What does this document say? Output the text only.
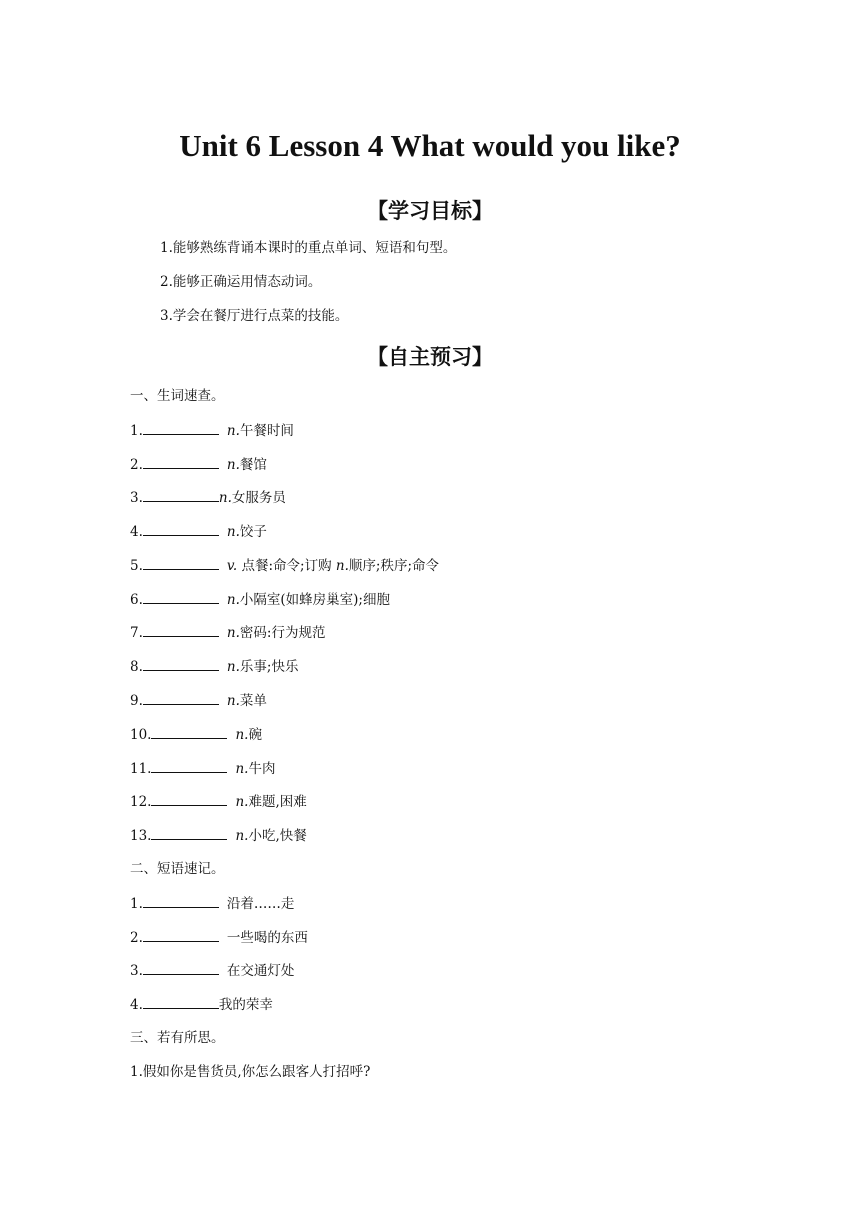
Unit 6 Lesson 4 What would you like?
【学习目标】
1.能够熟练背诵本课时的重点单词、短语和句型。
2.能够正确运用情态动词。
3.学会在餐厅进行点菜的技能。
【自主预习】
一、生词速查。
1.	n.午餐时间
2.	n.餐馆
3.	n.女服务员
4.	n.饺子
5.	v. 点餐:命令;订购 n.顺序;秩序;命令
6.	n.小隔室(如蜂房巢室);细胞
7.	n.密码:行为规范
8.	n.乐事;快乐
9.	n.菜单
10.	n.碗
11.	n.牛肉
12.	n.难题,困难
13.	n.小吃,快餐
二、短语速记。
1.	沿着……走
2.	一些喝的东西
3.	在交通灯处
4.	我的荣幸
三、若有所思。
1.假如你是售货员,你怎么跟客人打招呼?
